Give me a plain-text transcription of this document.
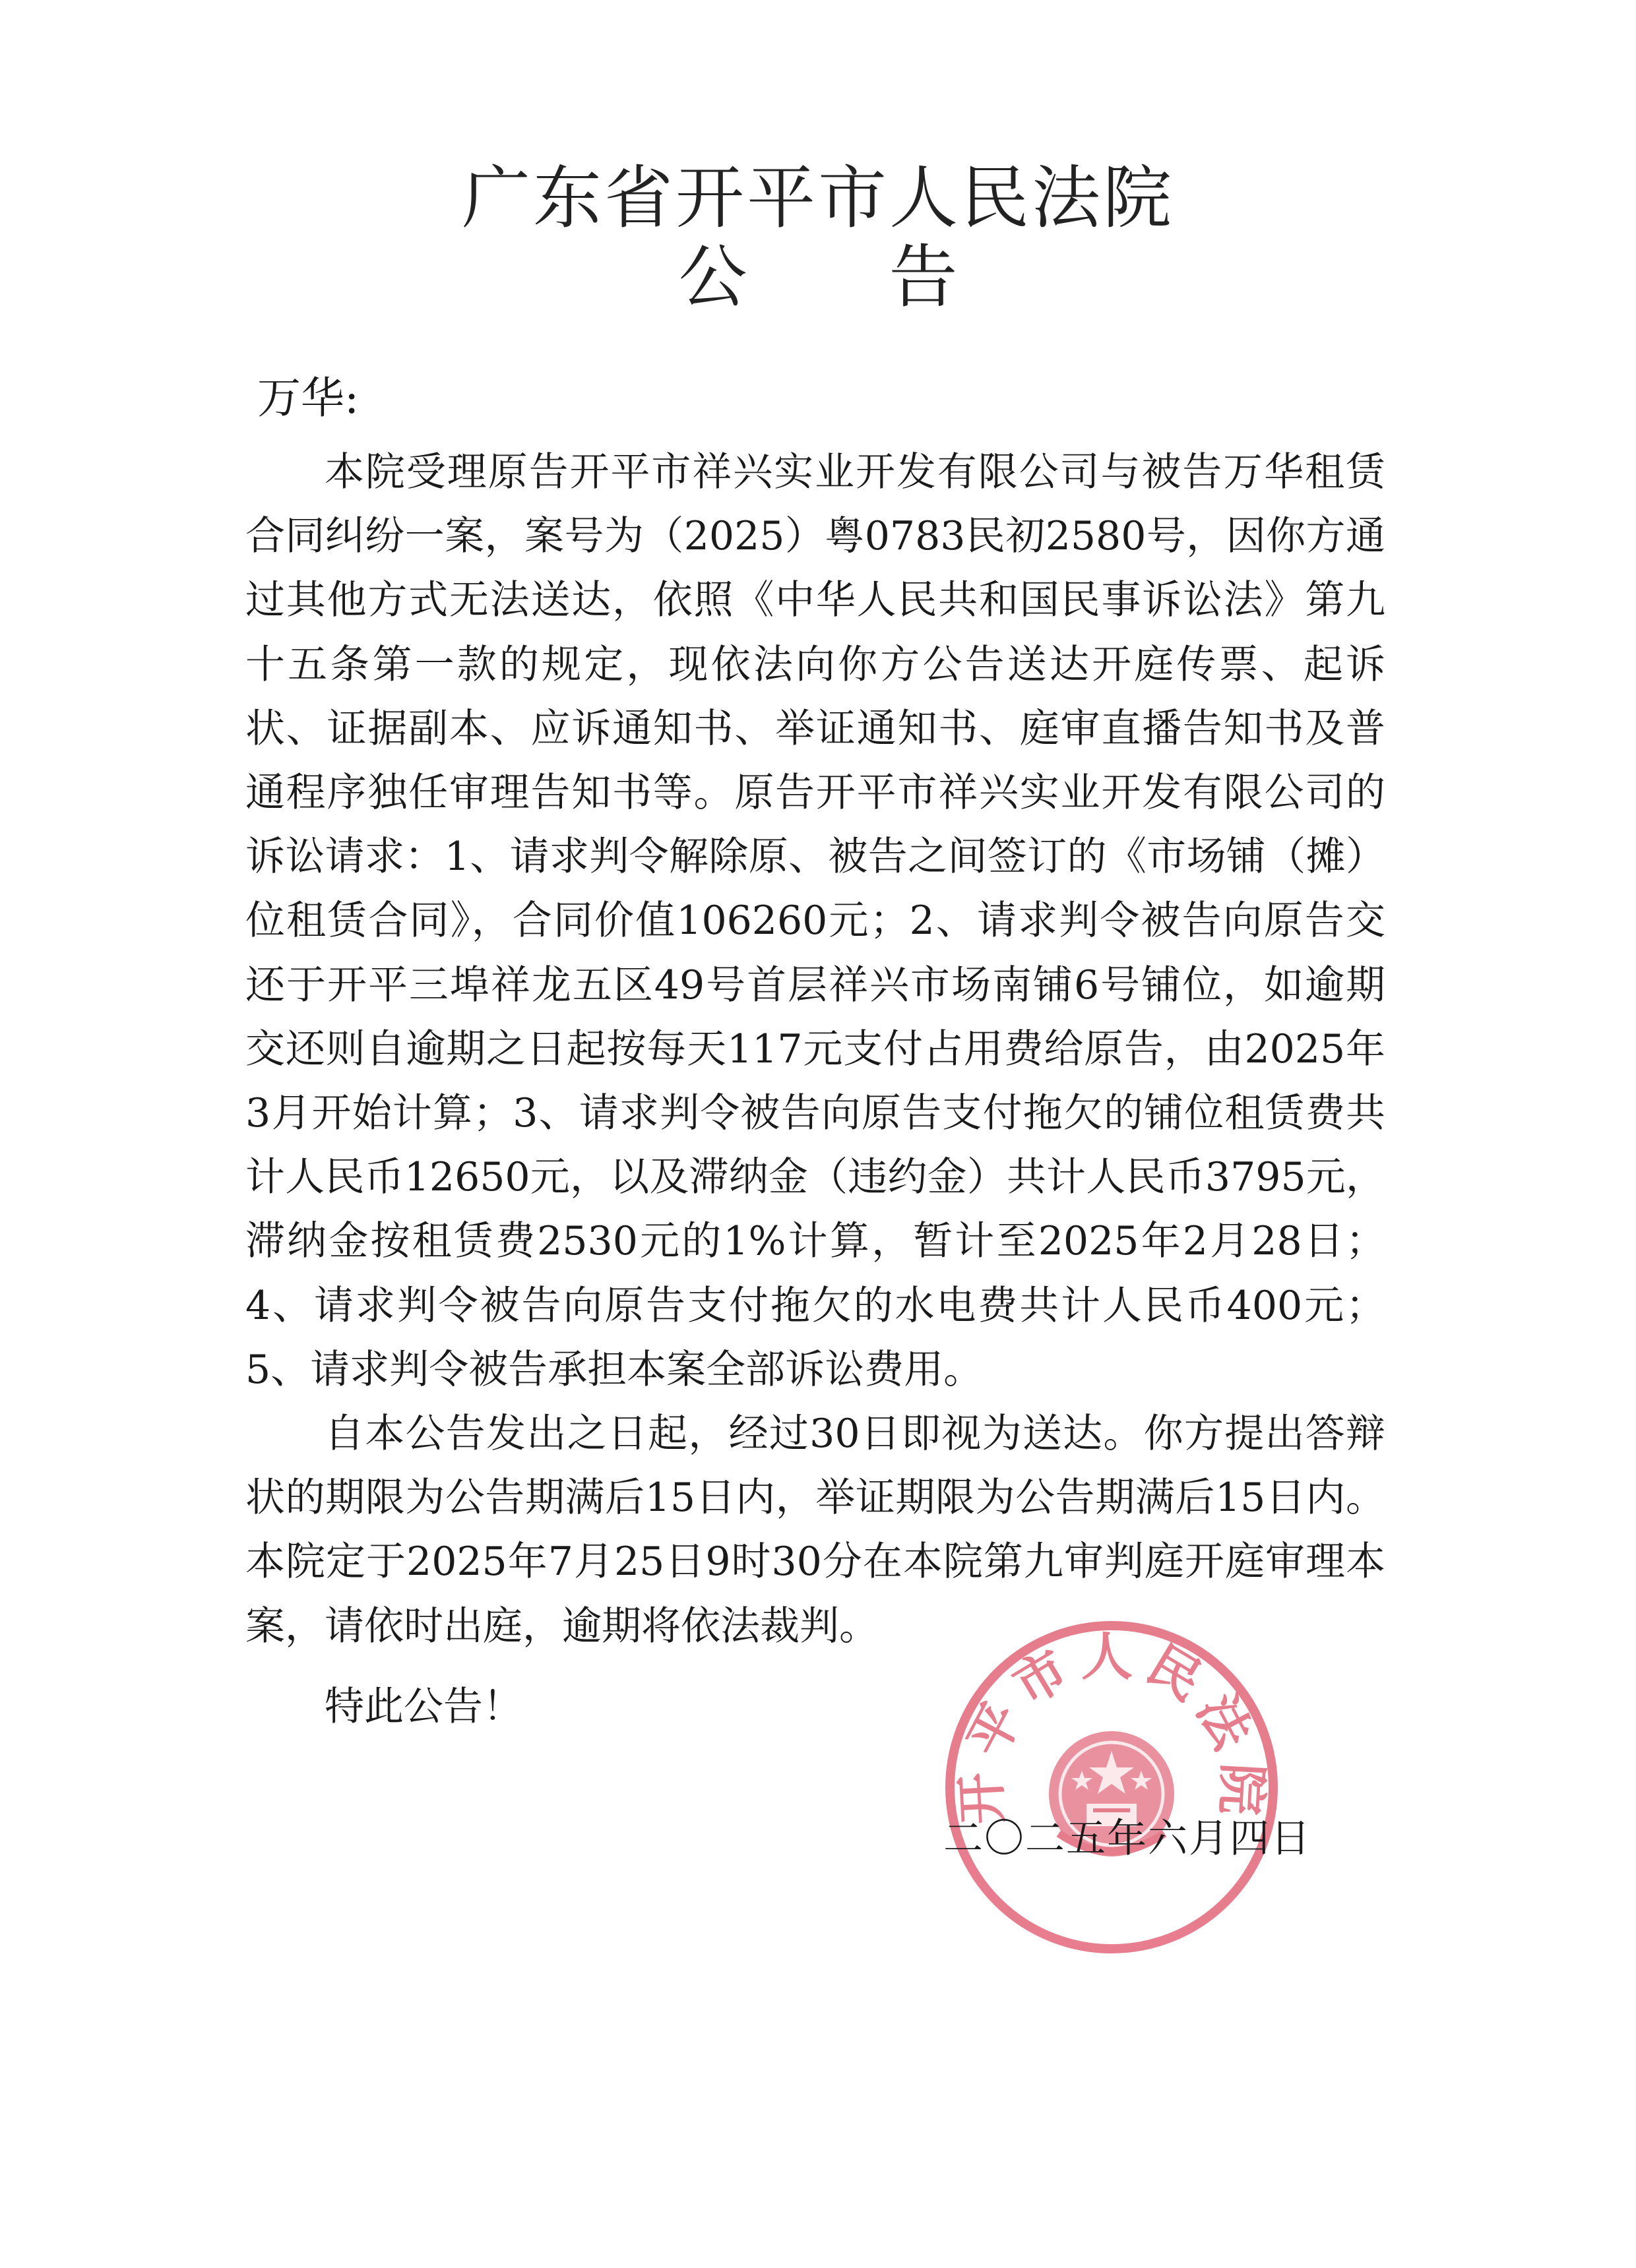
广东省开平市人民法院
公告
万华:

本院受理原告开平市祥兴实业开发有限公司与被告万华租赁合同纠纷一案，案号为（2025）粤0783民初2580号，因你方通过其他方式无法送达，依照《中华人民共和国民事诉讼法》第九十五条第一款的规定，现依法向你方公告送达开庭传票、起诉状、证据副本、应诉通知书、举证通知书、庭审直播告知书及普通程序独任审理告知书等。原告开平市祥兴实业开发有限公司的诉讼请求：1、请求判令解除原、被告之间签订的《市场铺（摊）位租赁合同》，合同价值106260元；2、请求判令被告向原告交还于开平三埠祥龙五区49号首层祥兴市场南铺6号铺位，如逾期交还则自逾期之日起按每天117元支付占用费给原告，由2025年3月开始计算；3、请求判令被告向原告支付拖欠的铺位租赁费共计人民币12650元，以及滞纳金（违约金）共计人民币3795元，滞纳金按租赁费2530元的1%计算，暂计至2025年2月28日；4、请求判令被告向原告支付拖欠的水电费共计人民币400元；5、请求判令被告承担本案全部诉讼费用。

自本公告发出之日起，经过30日即视为送达。你方提出答辩状的期限为公告期满后15日内，举证期限为公告期满后15日内。本院定于2025年7月25日9时30分在本院第九审判庭开庭审理本案，请依时出庭，逾期将依法裁判。

特此公告！
开平市人民法院
二〇二五年六月四日
